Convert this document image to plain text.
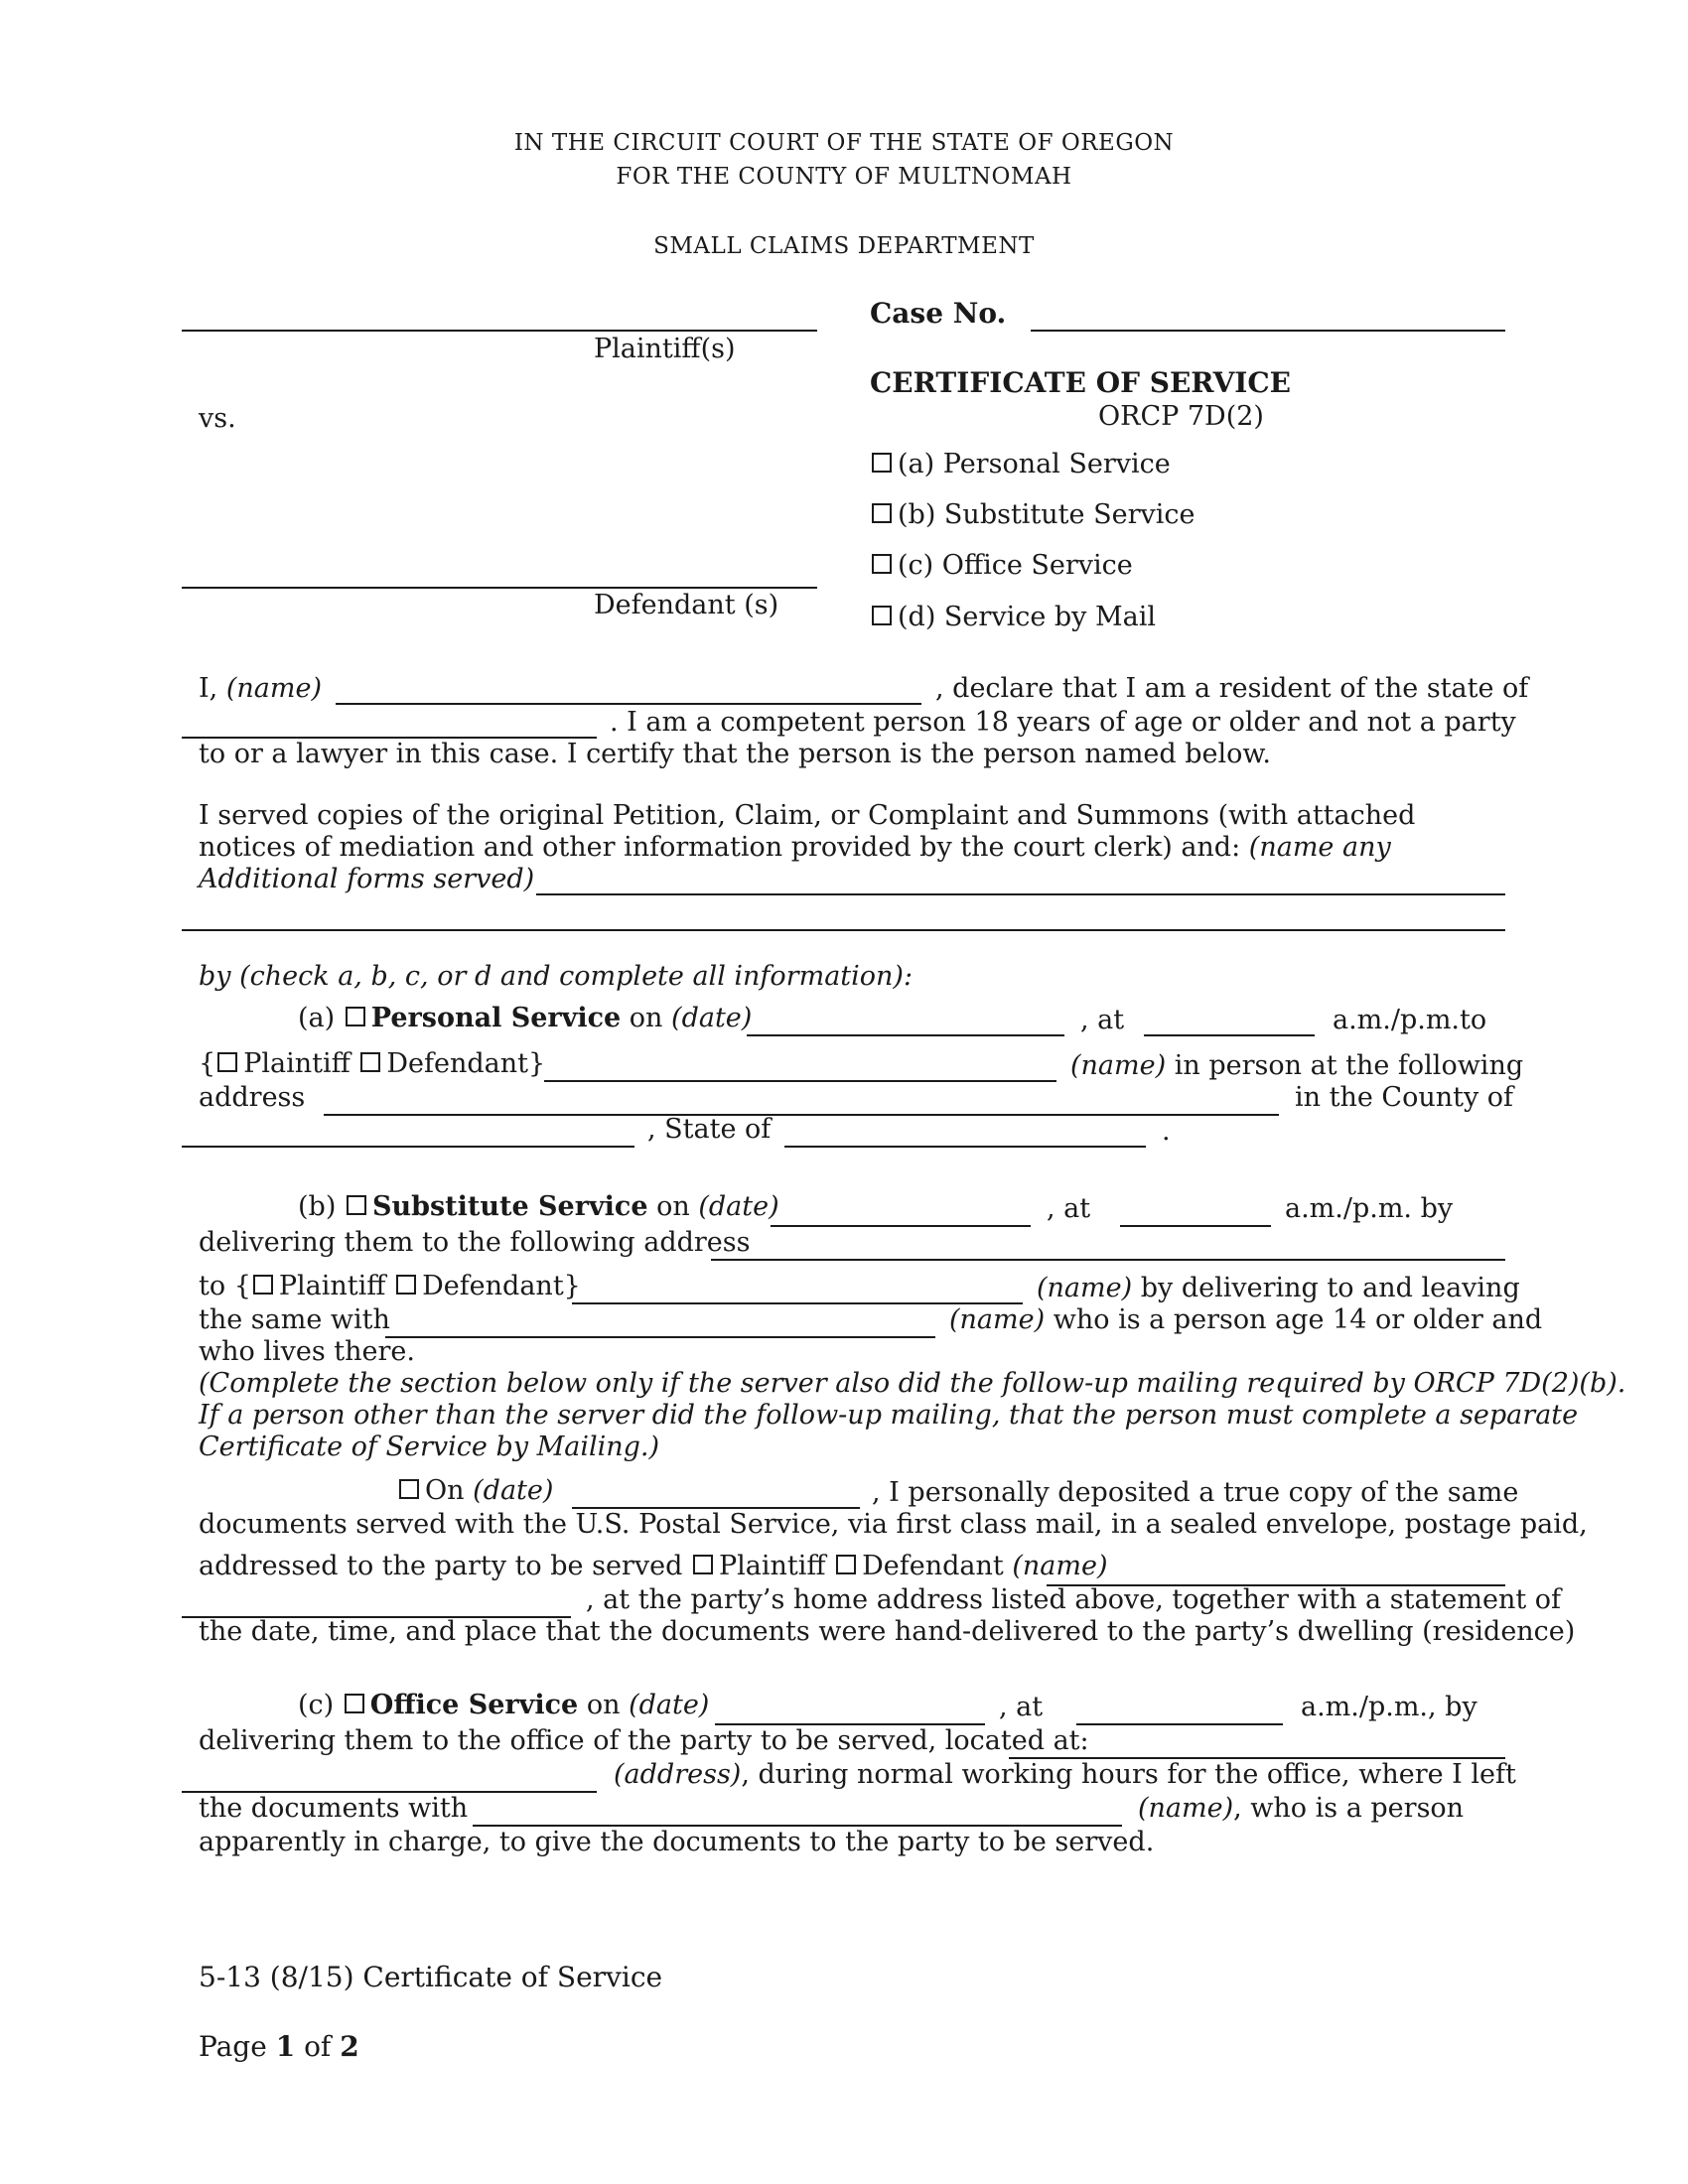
IN THE CIRCUIT COURT OF THE STATE OF OREGON
FOR THE COUNTY OF MULTNOMAH
SMALL CLAIMS DEPARTMENT
Plaintiff(s)
vs.
Defendant (s)
Case No.
CERTIFICATE OF SERVICE
ORCP 7D(2)
(a) Personal Service
(b) Substitute Service
(c) Office Service
(d) Service by Mail
I, (name)	, declare that I am a resident of the state of
. I am a competent person 18 years of age or older and not a party
to or a lawyer in this case. I certify that the person is the person named below.
I served copies of the original Petition, Claim, or Complaint and Summons (with attached
notices of mediation and other information provided by the court clerk) and: (name any
Additional forms served)
by (check a, b, c, or d and complete all information):
(a) Personal Service on (date)	, at	a.m./p.m.to
{ Plaintiff Defendant}	(name) in person at the following
address	in the County of
, State of	.
(b) Substitute Service on (date)	, at	a.m./p.m. by
delivering them to the following address
to { Plaintiff Defendant}	(name) by delivering to and leaving
the same with	(name) who is a person age 14 or older and
who lives there.
(Complete the section below only if the server also did the follow-up mailing required by ORCP 7D(2)(b).
If a person other than the server did the follow-up mailing, that the person must complete a separate
Certificate of Service by Mailing.)
On (date)	, I personally deposited a true copy of the same
documents served with the U.S. Postal Service, via first class mail, in a sealed envelope, postage paid,
addressed to the party to be served Plaintiff Defendant (name)
, at the party’s home address listed above, together with a statement of
the date, time, and place that the documents were hand-delivered to the party’s dwelling (residence)
(c) Office Service on (date)	, at	a.m./p.m., by
delivering them to the office of the party to be served, located at:
(address), during normal working hours for the office, where I left
the documents with	(name), who is a person
apparently in charge, to give the documents to the party to be served.
5-13 (8/15) Certificate of Service
Page 1 of 2
